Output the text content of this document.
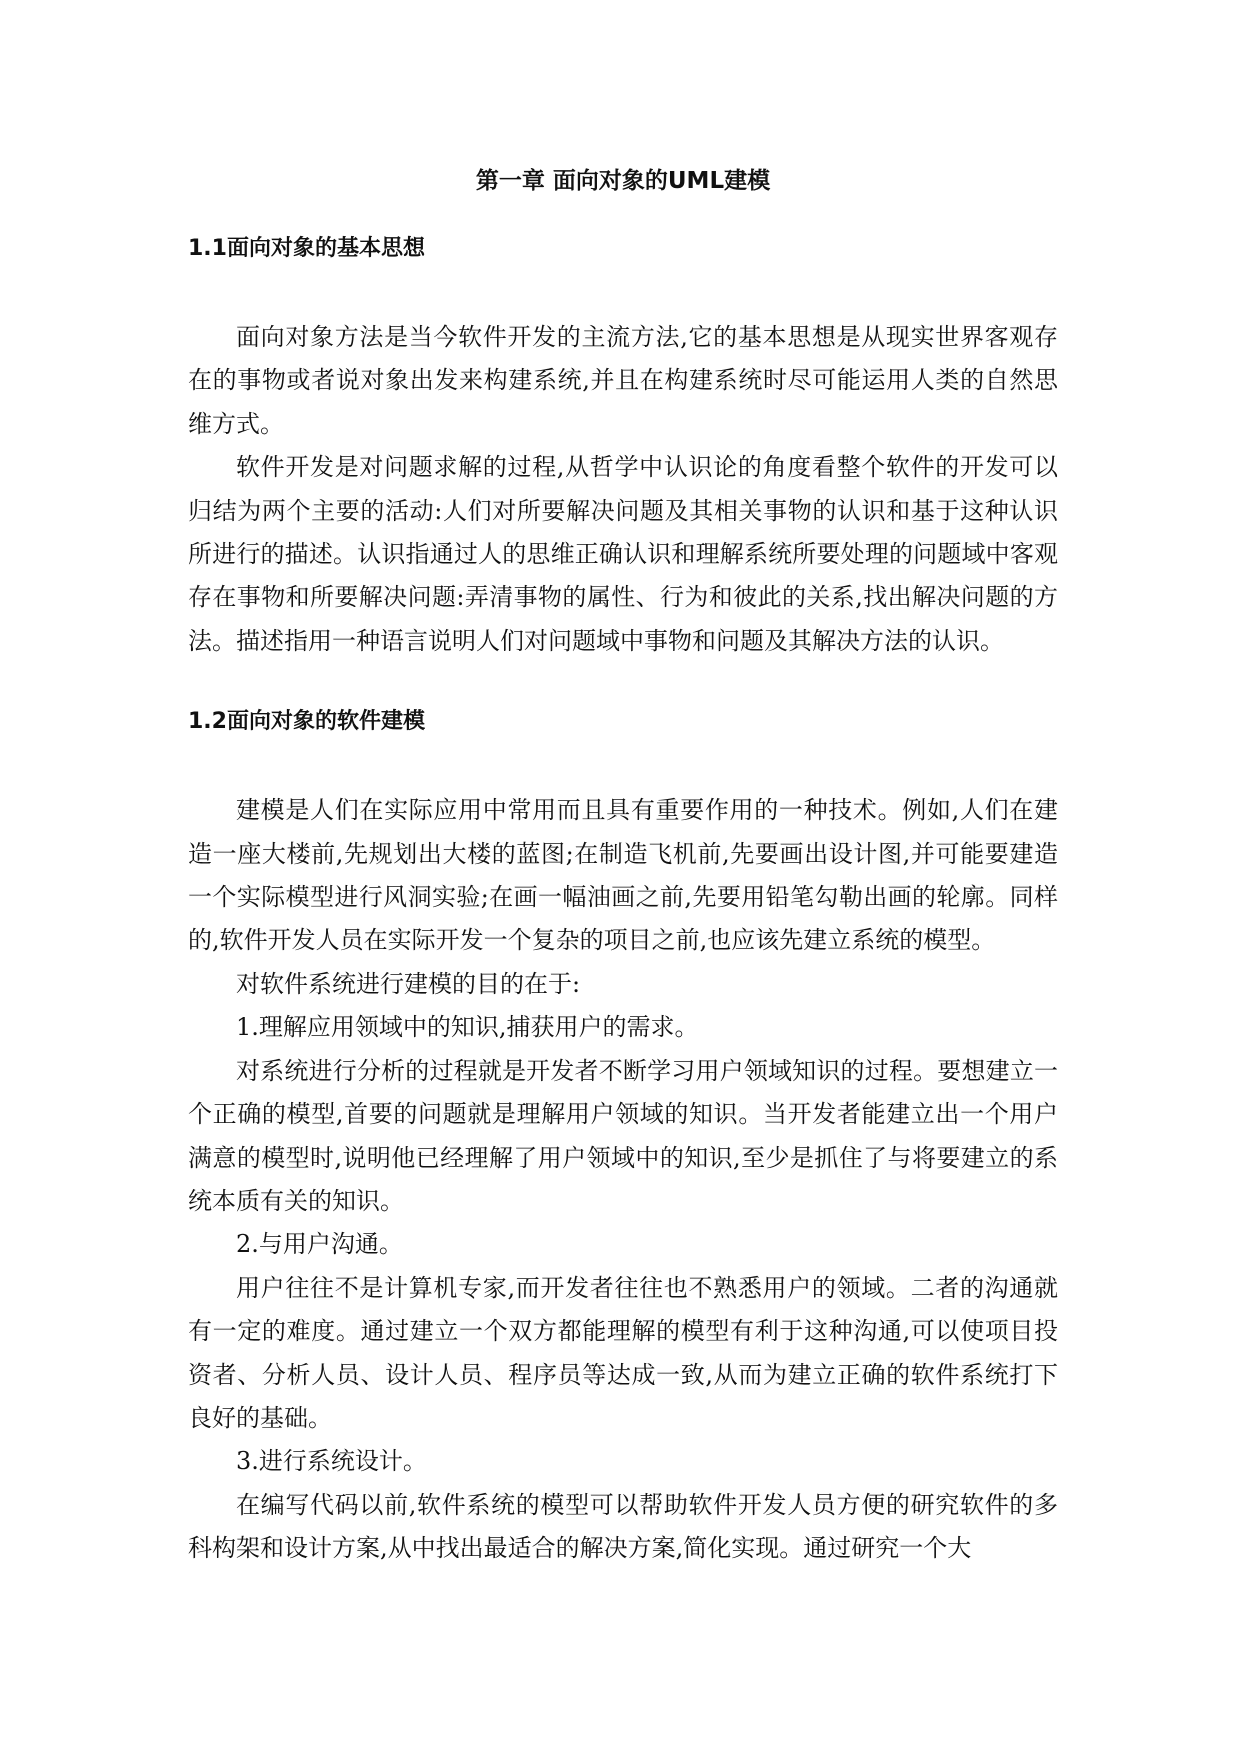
第一章 面向对象的UML建模
1.1面向对象的基本思想

面向对象方法是当今软件开发的主流方法,它的基本思想是从现实世界客观存在的事物或者说对象出发来构建系统,并且在构建系统时尽可能运用人类的自然思维方式。

软件开发是对问题求解的过程,从哲学中认识论的角度看整个软件的开发可以归结为两个主要的活动:人们对所要解决问题及其相关事物的认识和基于这种认识所进行的描述。认识指通过人的思维正确认识和理解系统所要处理的问题域中客观存在事物和所要解决问题:弄清事物的属性、行为和彼此的关系,找出解决问题的方法。描述指用一种语言说明人们对问题域中事物和问题及其解决方法的认识。

1.2面向对象的软件建模

建模是人们在实际应用中常用而且具有重要作用的一种技术。例如,人们在建造一座大楼前,先规划出大楼的蓝图;在制造飞机前,先要画出设计图,并可能要建造一个实际模型进行风洞实验;在画一幅油画之前,先要用铅笔勾勒出画的轮廓。同样的,软件开发人员在实际开发一个复杂的项目之前,也应该先建立系统的模型。

对软件系统进行建模的目的在于:

1.理解应用领域中的知识,捕获用户的需求。

对系统进行分析的过程就是开发者不断学习用户领域知识的过程。要想建立一个正确的模型,首要的问题就是理解用户领域的知识。当开发者能建立出一个用户满意的模型时,说明他已经理解了用户领域中的知识,至少是抓住了与将要建立的系统本质有关的知识。

2.与用户沟通。

用户往往不是计算机专家,而开发者往往也不熟悉用户的领域。二者的沟通就有一定的难度。通过建立一个双方都能理解的模型有利于这种沟通,可以使项目投资者、分析人员、设计人员、程序员等达成一致,从而为建立正确的软件系统打下良好的基础。

3.进行系统设计。

在编写代码以前,软件系统的模型可以帮助软件开发人员方便的研究软件的多科构架和设计方案,从中找出最适合的解决方案,简化实现。通过研究一个大
